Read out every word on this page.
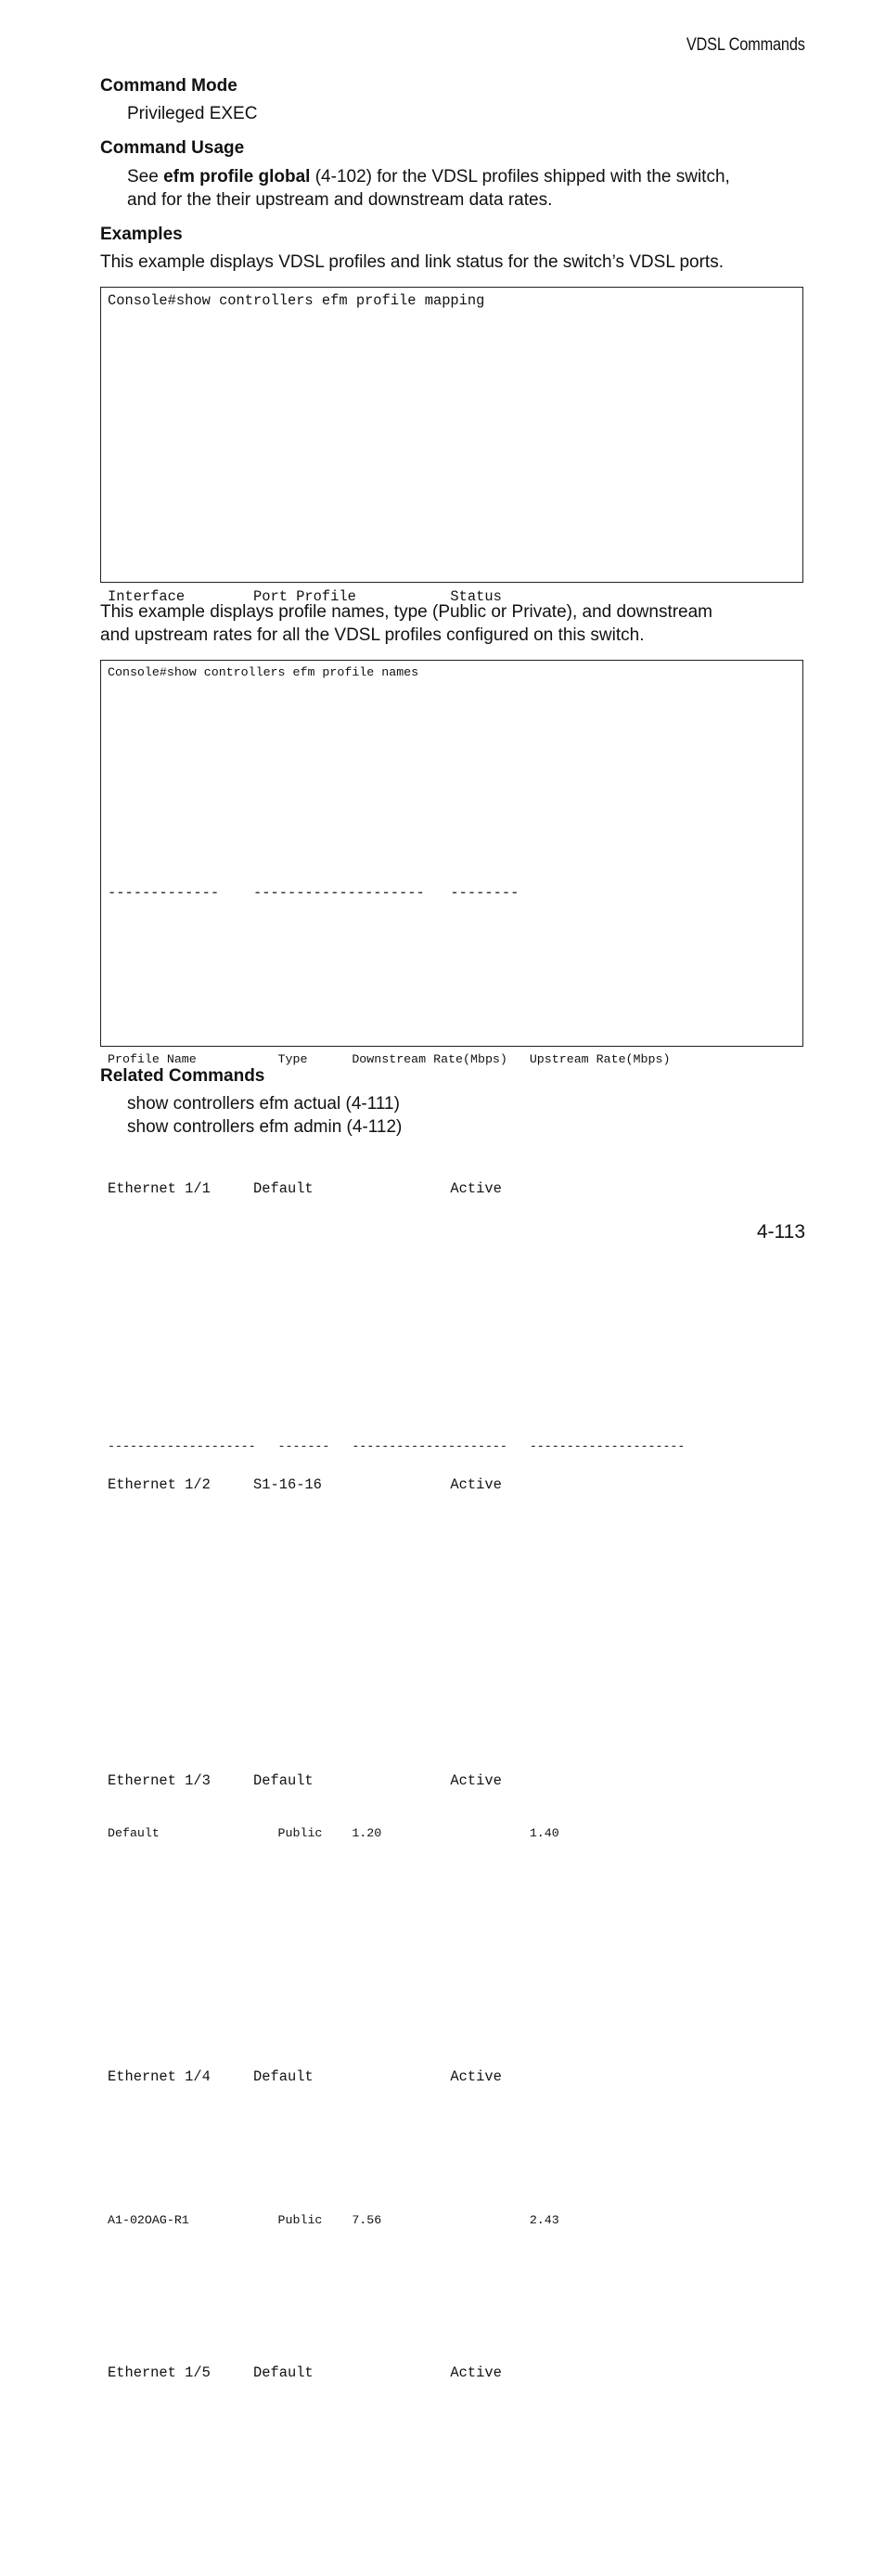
VDSL Commands
Command Mode

Privileged EXEC

Command Usage

See efm profile global (4-102) for the VDSL profiles shipped with the switch,
and for the their upstream and downstream data rates.

Examples

This example displays VDSL profiles and link status for the switch’s VDSL ports.

Console#show controllers efm profile mapping
Interface        Port Profile           Status
-------------    --------------------   --------
Ethernet 1/1     Default                Active
Ethernet 1/2     S1-16-16               Active
Ethernet 1/3     Default                Active
Ethernet 1/4     Default                Active
Ethernet 1/5     Default                Active

This example displays profile names, type (Public or Private), and downstream
and upstream rates for all the VDSL profiles configured on this switch.

Console#show controllers efm profile names
Profile Name           Type      Downstream Rate(Mbps)   Upstream Rate(Mbps)
--------------------   -------   ---------------------   ---------------------
Default                Public    1.20                    1.40
A1-02OAG-R1            Public    7.56                    2.43
Related Commands

show controllers efm actual (4-111)
show controllers efm admin (4-112)

4-113
